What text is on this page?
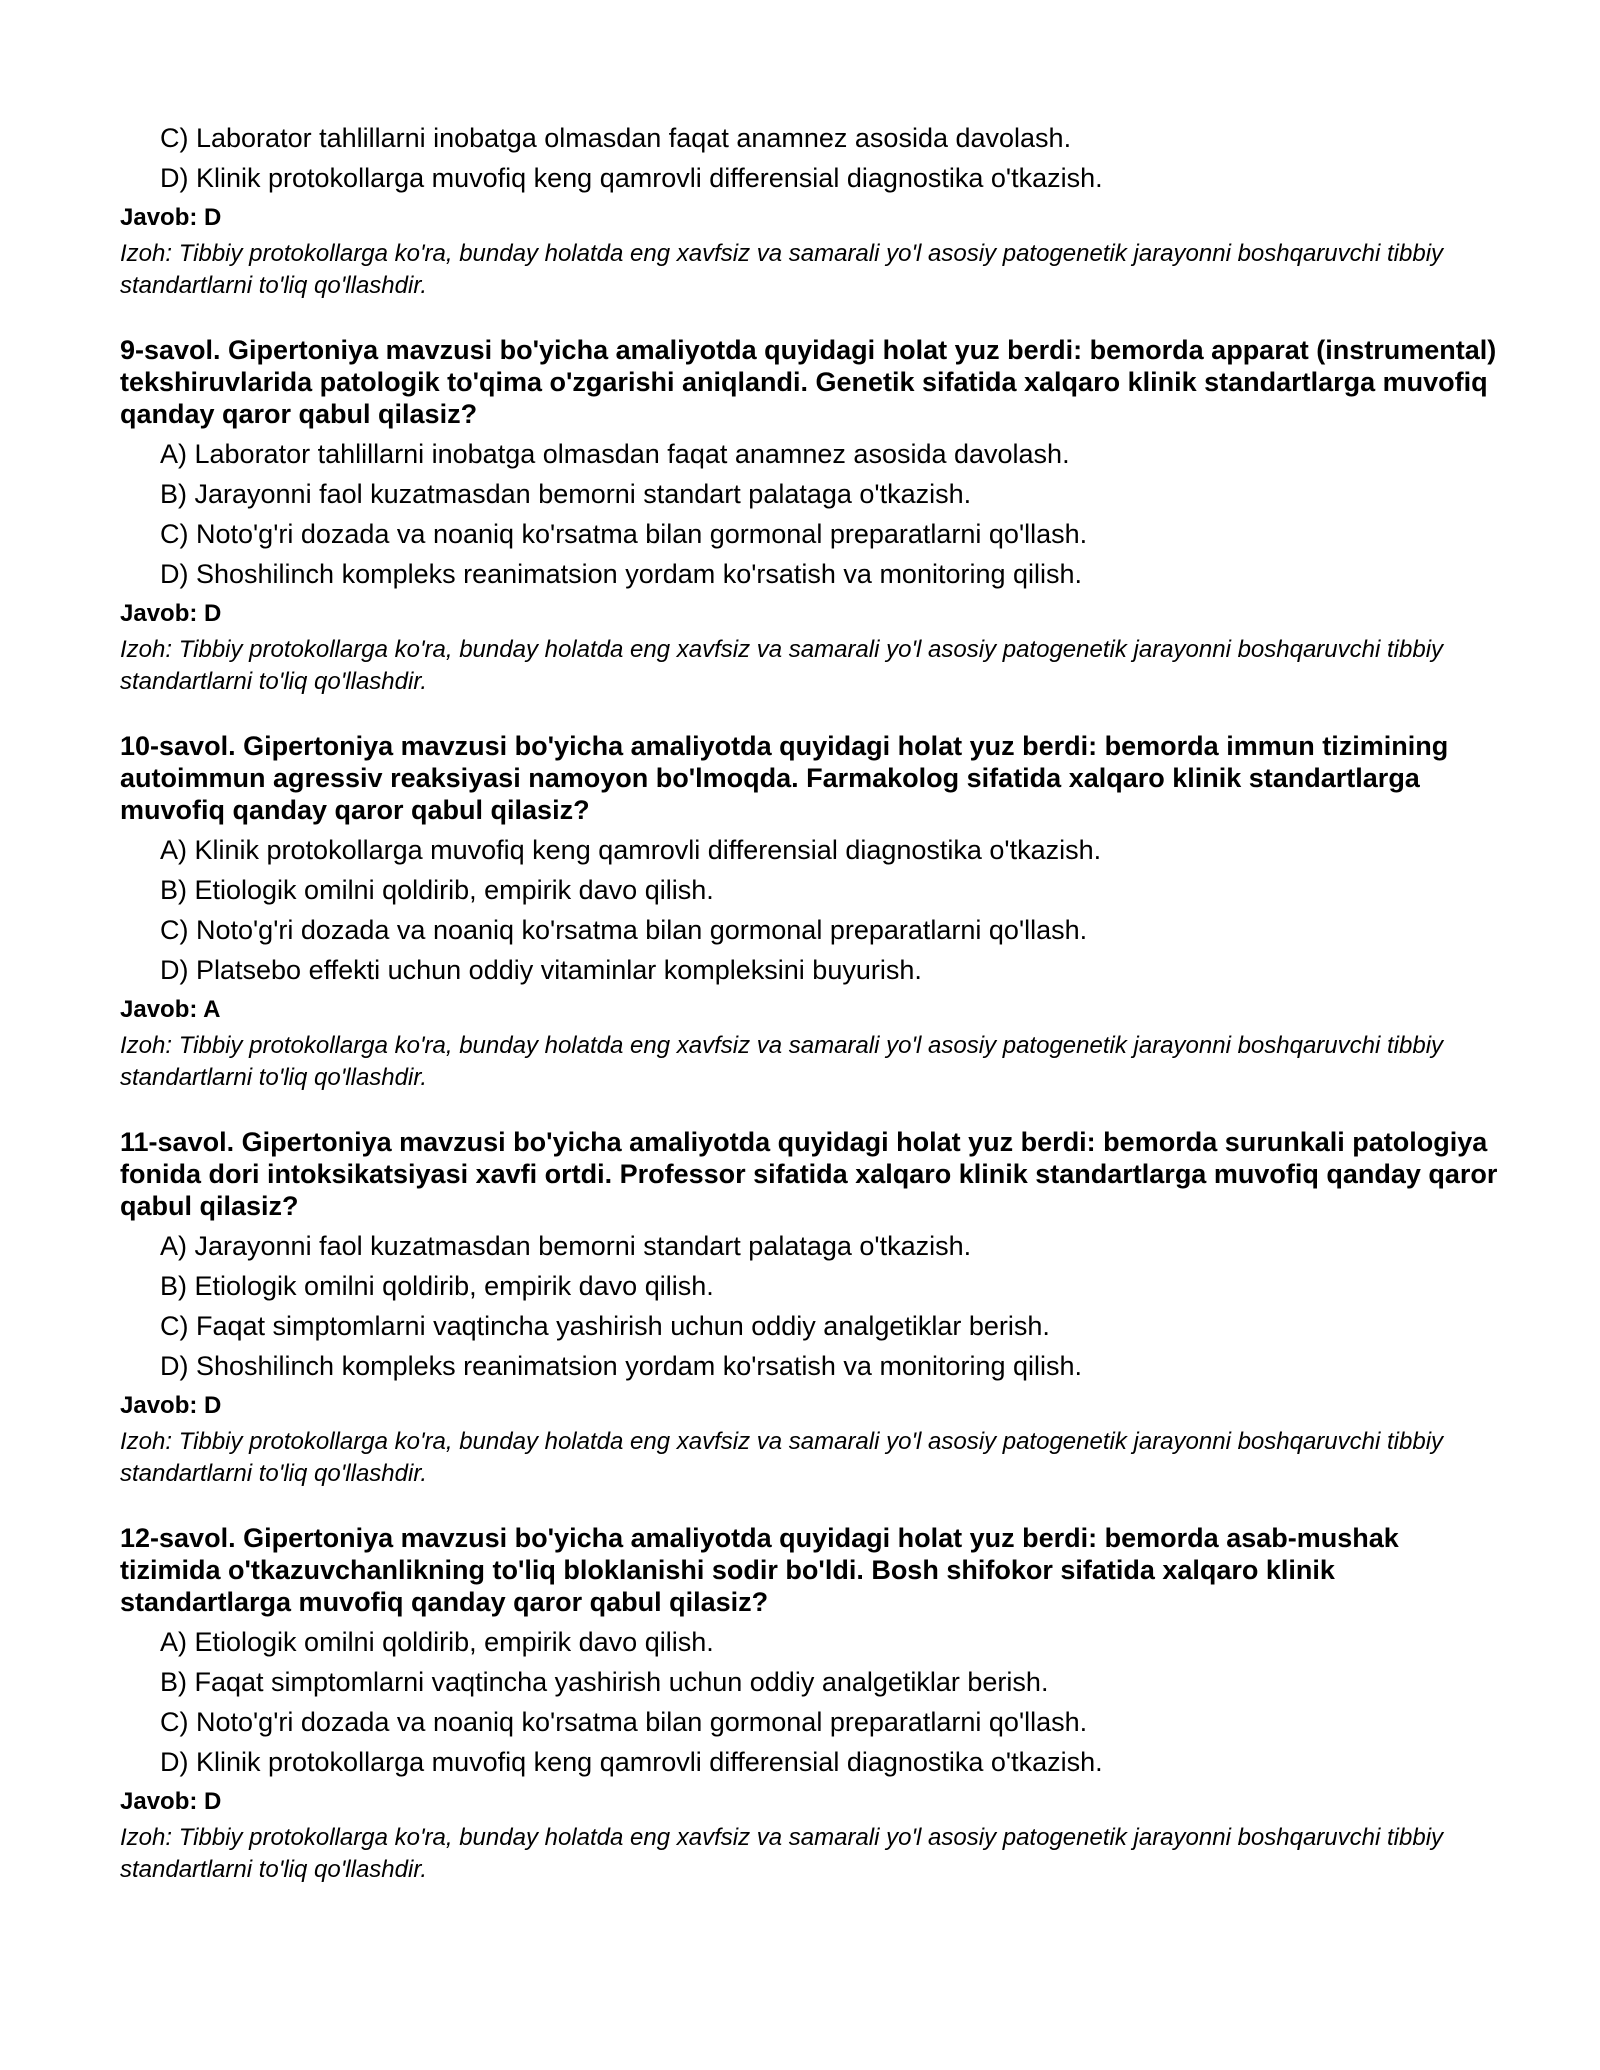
C) Laborator tahlillarni inobatga olmasdan faqat anamnez asosida davolash.
D) Klinik protokollarga muvofiq keng qamrovli differensial diagnostika o'tkazish.
Javob: D
Izoh: Tibbiy protokollarga ko'ra, bunday holatda eng xavfsiz va samarali yo'l asosiy patogenetik jarayonni boshqaruvchi tibbiy standartlarni to'liq qo'llashdir.

9-savol. Gipertoniya mavzusi bo'yicha amaliyotda quyidagi holat yuz berdi: bemorda apparat (instrumental) tekshiruvlarida patologik to'qima o'zgarishi aniqlandi. Genetik sifatida xalqaro klinik standartlarga muvofiq qanday qaror qabul qilasiz?

A) Laborator tahlillarni inobatga olmasdan faqat anamnez asosida davolash.
B) Jarayonni faol kuzatmasdan bemorni standart palataga o'tkazish.
C) Noto'g'ri dozada va noaniq ko'rsatma bilan gormonal preparatlarni qo'llash.
D) Shoshilinch kompleks reanimatsion yordam ko'rsatish va monitoring qilish.
Javob: D
Izoh: Tibbiy protokollarga ko'ra, bunday holatda eng xavfsiz va samarali yo'l asosiy patogenetik jarayonni boshqaruvchi tibbiy standartlarni to'liq qo'llashdir.

10-savol. Gipertoniya mavzusi bo'yicha amaliyotda quyidagi holat yuz berdi: bemorda immun tizimining autoimmun agressiv reaksiyasi namoyon bo'lmoqda. Farmakolog sifatida xalqaro klinik standartlarga muvofiq qanday qaror qabul qilasiz?

A) Klinik protokollarga muvofiq keng qamrovli differensial diagnostika o'tkazish.
B) Etiologik omilni qoldirib, empirik davo qilish.
C) Noto'g'ri dozada va noaniq ko'rsatma bilan gormonal preparatlarni qo'llash.
D) Platsebo effekti uchun oddiy vitaminlar kompleksini buyurish.
Javob: A
Izoh: Tibbiy protokollarga ko'ra, bunday holatda eng xavfsiz va samarali yo'l asosiy patogenetik jarayonni boshqaruvchi tibbiy standartlarni to'liq qo'llashdir.

11-savol. Gipertoniya mavzusi bo'yicha amaliyotda quyidagi holat yuz berdi: bemorda surunkali patologiya fonida dori intoksikatsiyasi xavfi ortdi. Professor sifatida xalqaro klinik standartlarga muvofiq qanday qaror qabul qilasiz?

A) Jarayonni faol kuzatmasdan bemorni standart palataga o'tkazish.
B) Etiologik omilni qoldirib, empirik davo qilish.
C) Faqat simptomlarni vaqtincha yashirish uchun oddiy analgetiklar berish.
D) Shoshilinch kompleks reanimatsion yordam ko'rsatish va monitoring qilish.
Javob: D
Izoh: Tibbiy protokollarga ko'ra, bunday holatda eng xavfsiz va samarali yo'l asosiy patogenetik jarayonni boshqaruvchi tibbiy standartlarni to'liq qo'llashdir.

12-savol. Gipertoniya mavzusi bo'yicha amaliyotda quyidagi holat yuz berdi: bemorda asab-mushak tizimida o'tkazuvchanlikning to'liq bloklanishi sodir bo'ldi. Bosh shifokor sifatida xalqaro klinik standartlarga muvofiq qanday qaror qabul qilasiz?

A) Etiologik omilni qoldirib, empirik davo qilish.
B) Faqat simptomlarni vaqtincha yashirish uchun oddiy analgetiklar berish.
C) Noto'g'ri dozada va noaniq ko'rsatma bilan gormonal preparatlarni qo'llash.
D) Klinik protokollarga muvofiq keng qamrovli differensial diagnostika o'tkazish.
Javob: D
Izoh: Tibbiy protokollarga ko'ra, bunday holatda eng xavfsiz va samarali yo'l asosiy patogenetik jarayonni boshqaruvchi tibbiy standartlarni to'liq qo'llashdir.
